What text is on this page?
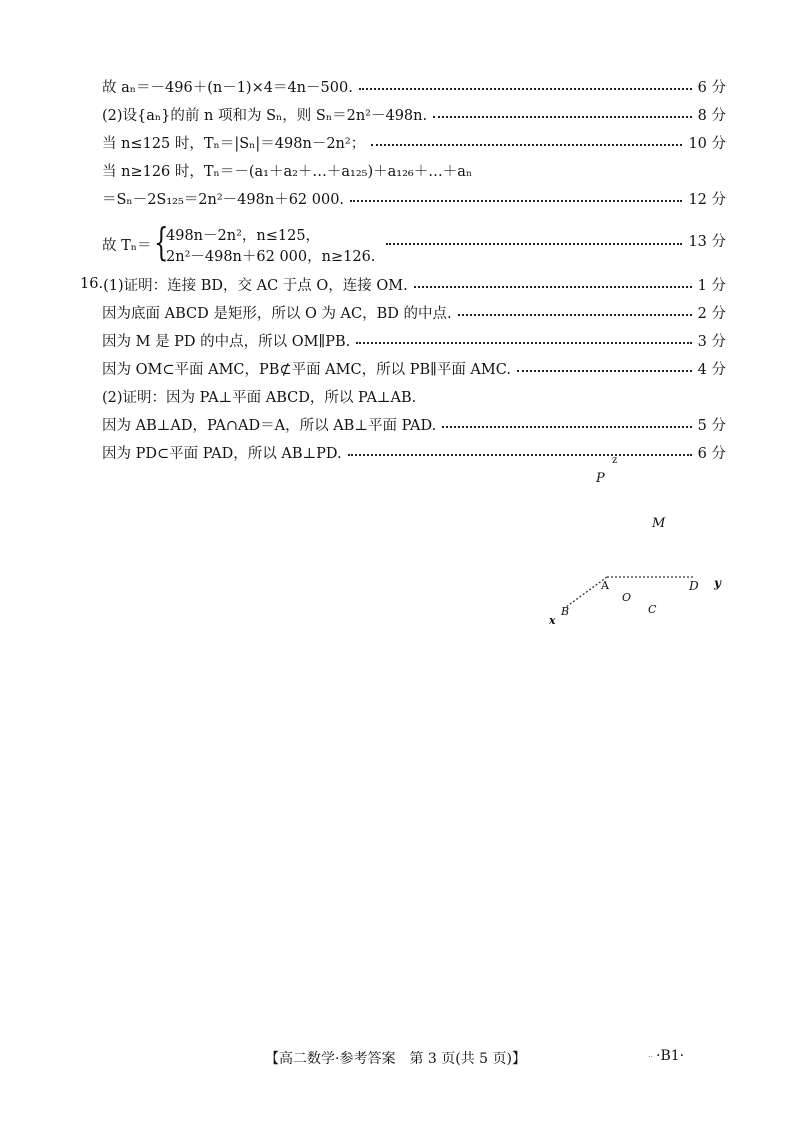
故 aₙ＝－496＋(n－1)×4＝4n－500.	6 分
(2)设{aₙ}的前 n 项和为 Sₙ，则 Sₙ＝2n²－498n.	8 分
当 n≤125 时，Tₙ＝|Sₙ|＝498n－2n²；	10 分
当 n≥126 时，Tₙ＝－(a₁＋a₂＋…＋a₁₂₅)＋a₁₂₆＋…＋aₙ
＝Sₙ－2S₁₂₅＝2n²－498n＋62 000.	12 分
故 Tₙ＝ {
498n－2n²，n≤125，
2n²－498n＋62 000，n≥126.
13 分
16. (1)证明：连接 BD，交 AC 于点 O，连接 OM.	1 分
因为底面 ABCD 是矩形，所以 O 为 AC，BD 的中点.	2 分
因为 M 是 PD 的中点，所以 OM∥PB.	3 分
因为 OM⊂平面 AMC，PB⊄平面 AMC，所以 PB∥平面 AMC.	4 分
(2)证明：因为 PA⊥平面 ABCD，所以 PA⊥AB.
因为 AB⊥AD，PA∩AD＝A，所以 AB⊥平面 PAD.	5 分
因为 PD⊂平面 PAD，所以 AB⊥PD.	6 分
z
P
M
A	D y
O
B	C
x
【高二数学·参考答案　第 3 页(共 5 页)】	.. ·B1·
